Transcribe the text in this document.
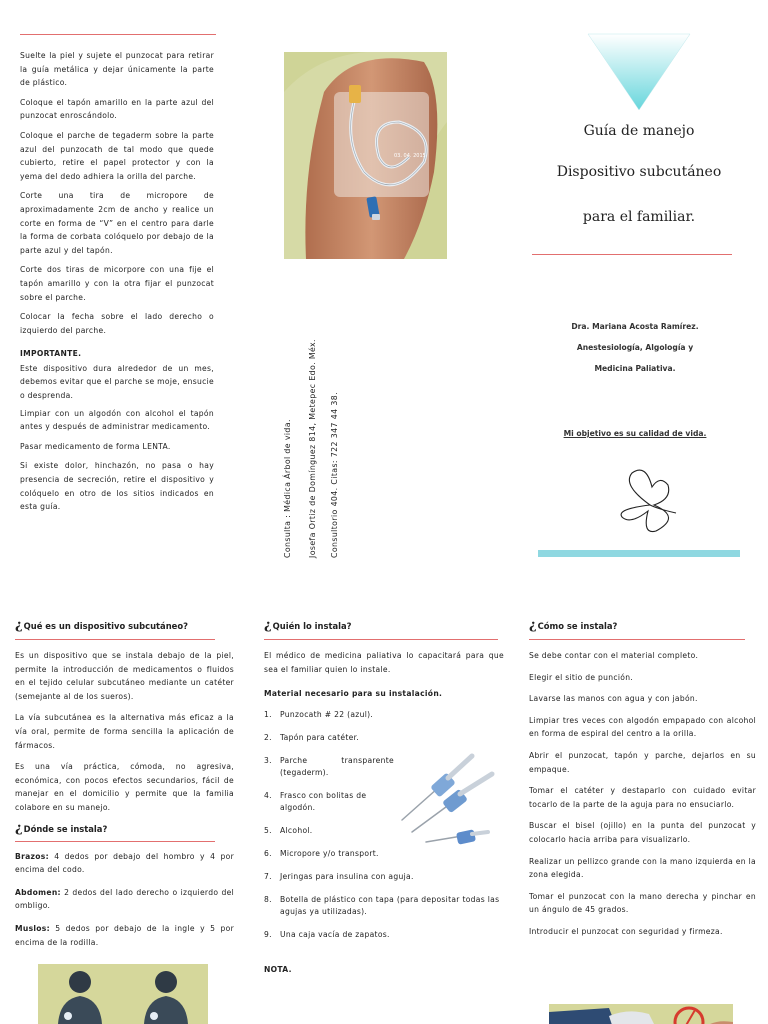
Suelte la piel y sujete el punzocat para retirar la guía metálica y dejar únicamente la parte de plástico.

Coloque el tapón amarillo en la parte azul del punzocat enroscándolo.

Coloque el parche de tegaderm sobre la parte azul del punzocath de tal modo que quede cubierto, retire el papel protector y con la yema del dedo adhiera la orilla del parche.

Corte una tira de micropore de aproximadamente 2cm de ancho y realice un corte en forma de “V” en el centro para darle la forma de corbata colóquelo por debajo de la parte azul y del tapón.

Corte dos tiras de micorpore con una fije el tapón amarillo y con la otra fijar el punzocat sobre el parche.

Colocar la fecha sobre el lado derecho o izquierdo del parche.

IMPORTANTE.

Este dispositivo dura alrededor de un mes, debemos evitar que el parche se moje, ensucie o desprenda.

Limpiar con un algodón con alcohol el tapón antes y después de administrar medicamento.

Pasar medicamento de forma LENTA.

Si existe dolor, hinchazón, no pasa o hay presencia de secreción, retire el dispositivo y colóquelo en otro de los sitios indicados en esta guía.

03. 04. 2015
Consulta : Médica Árbol de vida. Josefa Ortiz de Domínguez 814, Metepec Edo. Méx. Consultorio 404. Citas: 722 347 44 38.
Guía de manejo
Dispositivo subcutáneo
para el familiar.
Dra. Mariana Acosta Ramírez.
Anestesiología, Algología y
Medicina Paliativa.
Mi objetivo es su calidad de vida.
¿Qué es un dispositivo subcutáneo?

Es un dispositivo que se instala debajo de la piel, permite la introducción de medicamentos o fluidos en el tejido celular subcutáneo mediante un catéter (semejante al de los sueros).

La vía subcutánea es la alternativa más eficaz a la vía oral, permite de forma sencilla la aplicación de fármacos.

Es una vía práctica, cómoda, no agresiva, económica, con pocos efectos secundarios, fácil de manejar en el domicilio y permite que la familia colabore en su manejo.

¿Dónde se instala?

Brazos: 4 dedos por debajo del hombro y 4 por encima del codo.

Abdomen: 2 dedos del lado derecho o izquierdo del ombligo.

Muslos: 5 dedos por debajo de la ingle y 5 por encima de la rodilla.

¿Quién lo instala?

El médico de medicina paliativa lo capacitará para que sea el familiar quien lo instale.

Material necesario para su instalación.

1.	Punzocath # 22 (azul).
2.	Tapón para catéter.
3.	Parche transparente (tegaderm).
4.	Frasco con bolitas de algodón.
5.	Alcohol.
6.	Micropore y/o transport.
7.	Jeringas para insulina con aguja.
8.	Botella de plástico con tapa (para depositar todas las agujas ya utilizadas).
9.	Una caja vacía de zapatos.

NOTA.

¿Cómo se instala?

Se debe contar con el material completo.

Elegir el sitio de punción.

Lavarse las manos con agua y con jabón.

Limpiar tres veces con algodón empapado con alcohol en forma de espiral del centro a la orilla.

Abrir el punzocat, tapón y parche, dejarlos en su empaque.

Tomar el catéter y destaparlo con cuidado evitar tocarlo de la parte de la aguja para no ensuciarlo.

Buscar el bisel (ojillo) en la punta del punzocat y colocarlo hacia arriba para visualizarlo.

Realizar un pellizco grande con la mano izquierda en la zona elegida.

Tomar el punzocat con la mano derecha y pinchar en un ángulo de 45 grados.

Introducir el punzocat con seguridad y firmeza.
